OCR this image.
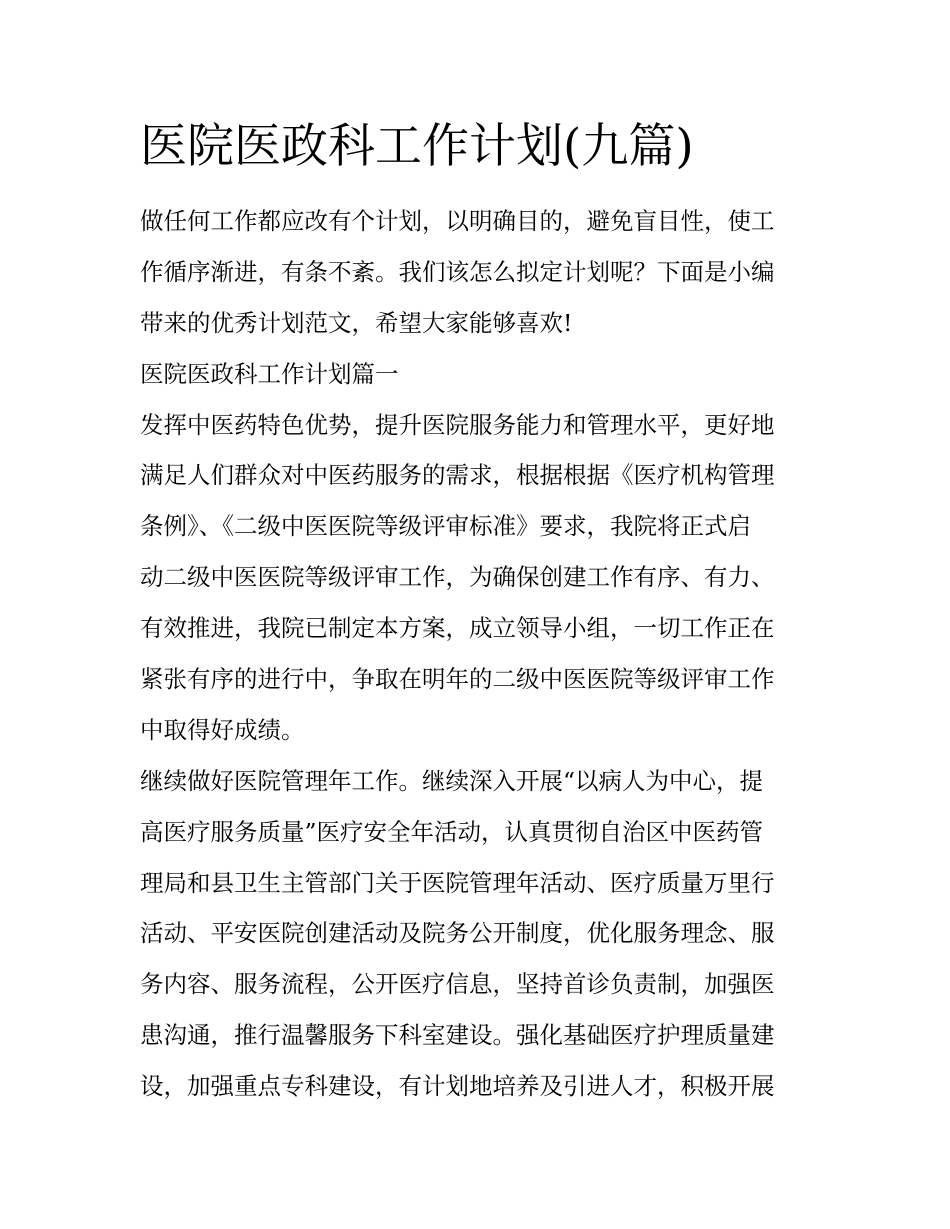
医院医政科工作计划(九篇)
做任何工作都应改有个计划，以明确目的，避免盲目性，使工
作循序渐进，有条不紊。我们该怎么拟定计划呢？下面是小编
带来的优秀计划范文，希望大家能够喜欢!
医院医政科工作计划篇一
发挥中医药特色优势，提升医院服务能力和管理水平，更好地
满足人们群众对中医药服务的需求，根据根据《医疗机构管理
条例》、《二级中医医院等级评审标准》要求，我院将正式启
动二级中医医院等级评审工作，为确保创建工作有序、有力、
有效推进，我院已制定本方案，成立领导小组，一切工作正在
紧张有序的进行中，争取在明年的二级中医医院等级评审工作
中取得好成绩。
继续做好医院管理年工作。继续深入开展“以病人为中心，提
高医疗服务质量”医疗安全年活动，认真贯彻自治区中医药管
理局和县卫生主管部门关于医院管理年活动、医疗质量万里行
活动、平安医院创建活动及院务公开制度，优化服务理念、服
务内容、服务流程，公开医疗信息，坚持首诊负责制，加强医
患沟通，推行温馨服务下科室建设。强化基础医疗护理质量建
设，加强重点专科建设，有计划地培养及引进人才，积极开展
